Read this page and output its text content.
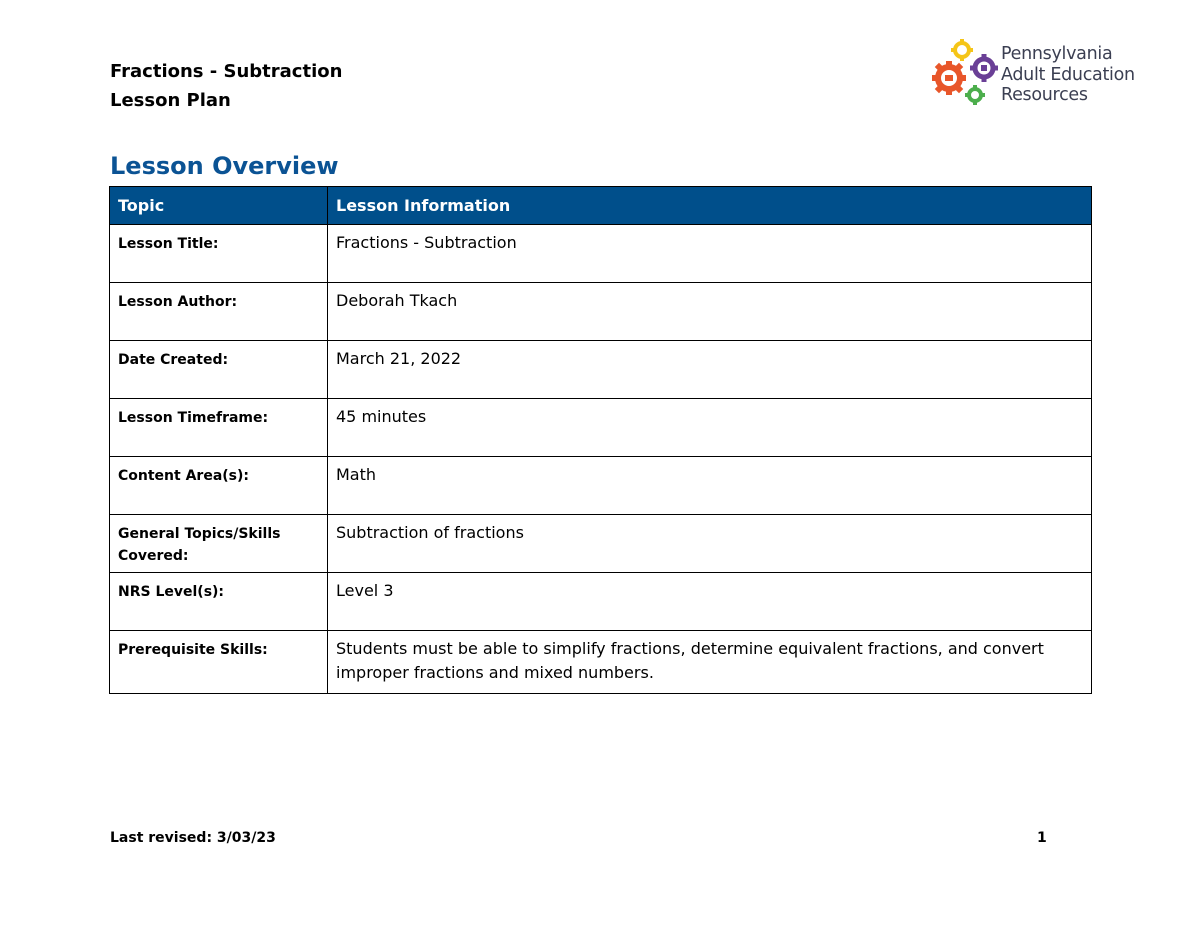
Fractions - Subtraction
Lesson Plan
Pennsylvania
Adult Education
Resources
Lesson Overview
Topic	Lesson Information
Lesson Title:	Fractions - Subtraction
Lesson Author:	Deborah Tkach
Date Created:	March 21, 2022
Lesson Timeframe:	45 minutes
Content Area(s):	Math
General Topics/Skills Covered:	Subtraction of fractions
NRS Level(s):	Level 3
Prerequisite Skills:	Students must be able to simplify fractions, determine equivalent fractions, and convert improper fractions and mixed numbers.
Last revised: 3/03/23	1
